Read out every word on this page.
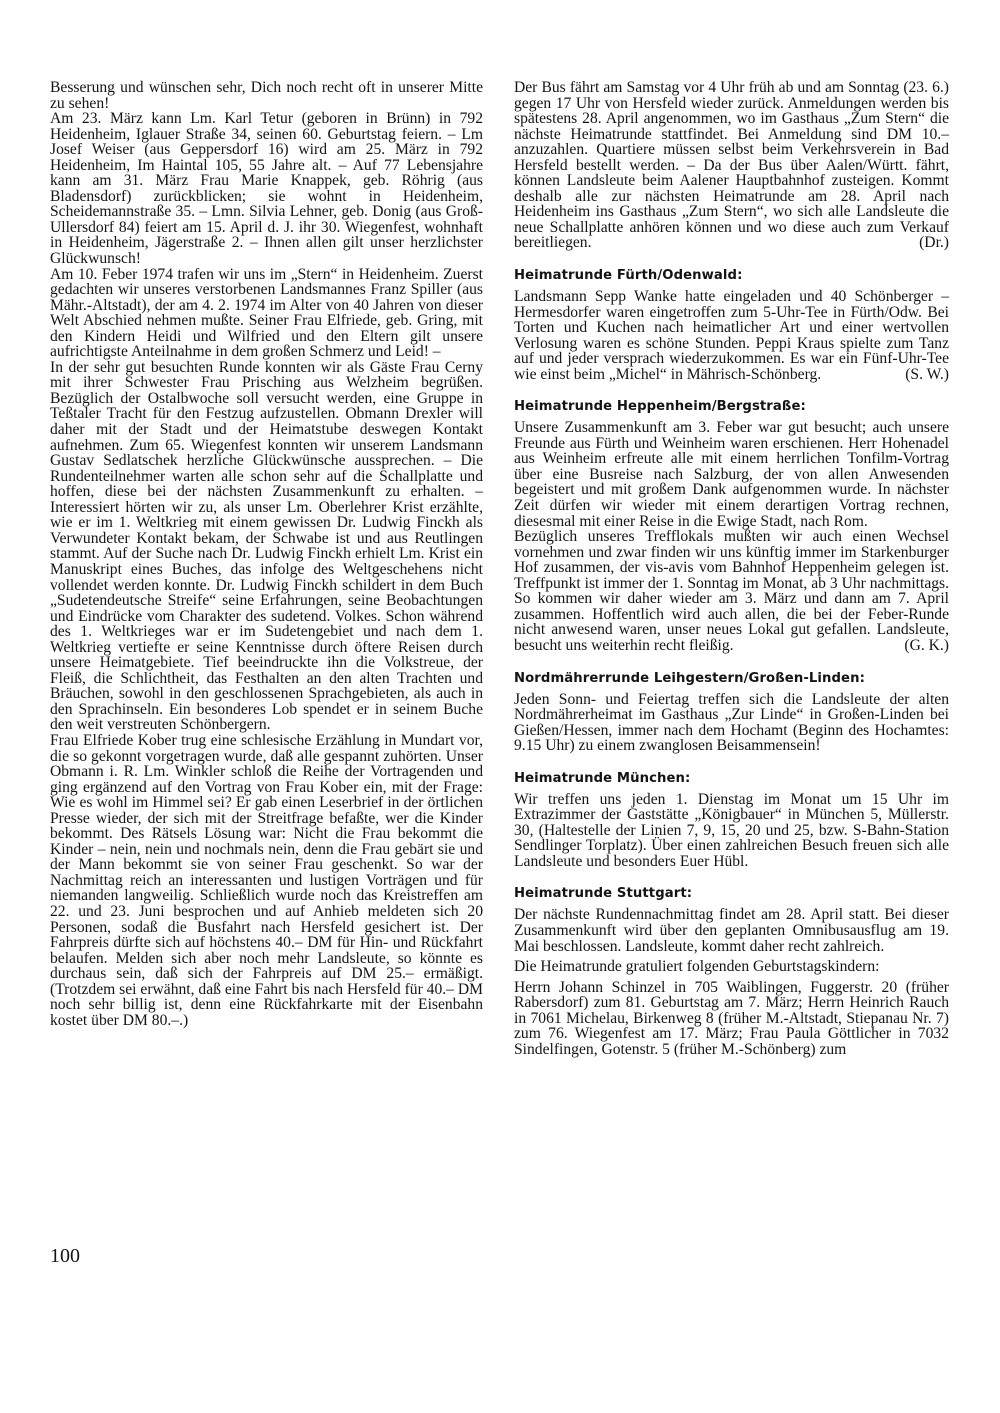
Besserung und wünschen sehr, Dich noch recht oft in unserer Mitte zu sehen!

Am 23. März kann Lm. Karl Tetur (geboren in Brünn) in 792 Heidenheim, Iglauer Straße 34, seinen 60. Geburtstag feiern. – Lm Josef Weiser (aus Geppersdorf 16) wird am 25. März in 792 Heidenheim, Im Haintal 105, 55 Jahre alt. – Auf 77 Lebensjahre kann am 31. März Frau Marie Knappek, geb. Röhrig (aus Bladensdorf) zurückblicken; sie wohnt in Heidenheim, Scheidemannstraße 35. – Lmn. Silvia Lehner, geb. Donig (aus Groß-Ullersdorf 84) feiert am 15. April d. J. ihr 30. Wiegenfest, wohnhaft in Heidenheim, Jägerstraße 2. – Ihnen allen gilt unser herzlichster Glückwunsch!

Am 10. Feber 1974 trafen wir uns im „Stern“ in Heidenheim. Zuerst gedachten wir unseres verstorbenen Landsmannes Franz Spiller (aus Mähr.-Altstadt), der am 4. 2. 1974 im Alter von 40 Jahren von dieser Welt Abschied nehmen mußte. Seiner Frau Elfriede, geb. Gring, mit den Kindern Heidi und Wilfried und den Eltern gilt unsere aufrichtigste Anteilnahme in dem großen Schmerz und Leid! –

In der sehr gut besuchten Runde konnten wir als Gäste Frau Cerny mit ihrer Schwester Frau Prisching aus Welzheim begrüßen. Bezüglich der Ostalbwoche soll versucht werden, eine Gruppe in Teßtaler Tracht für den Festzug aufzustellen. Obmann Drexler will daher mit der Stadt und der Heimatstube deswegen Kontakt aufnehmen. Zum 65. Wiegenfest konnten wir unserem Landsmann Gustav Sedlatschek herzliche Glückwünsche aussprechen. – Die Rundenteilnehmer warten alle schon sehr auf die Schallplatte und hoffen, diese bei der nächsten Zusammenkunft zu erhalten. – Interessiert hörten wir zu, als unser Lm. Oberlehrer Krist erzählte, wie er im 1. Weltkrieg mit einem gewissen Dr. Ludwig Finckh als Verwundeter Kontakt bekam, der Schwabe ist und aus Reutlingen stammt. Auf der Suche nach Dr. Ludwig Finckh erhielt Lm. Krist ein Manuskript eines Buches, das infolge des Weltgeschehens nicht vollendet werden konnte. Dr. Ludwig Finckh schildert in dem Buch „Sudetendeutsche Streife“ seine Erfahrungen, seine Beobachtungen und Eindrücke vom Charakter des sudetend. Volkes. Schon während des 1. Weltkrieges war er im Sudetengebiet und nach dem 1. Weltkrieg vertiefte er seine Kenntnisse durch öftere Reisen durch unsere Heimatgebiete. Tief beeindruckte ihn die Volkstreue, der Fleiß, die Schlichtheit, das Festhalten an den alten Trachten und Bräuchen, sowohl in den geschlossenen Sprachgebieten, als auch in den Sprachinseln. Ein besonderes Lob spendet er in seinem Buche den weit verstreuten Schönbergern.

Frau Elfriede Kober trug eine schlesische Erzählung in Mundart vor, die so gekonnt vorgetragen wurde, daß alle gespannt zuhörten. Unser Obmann i. R. Lm. Winkler schloß die Reihe der Vortragenden und ging ergänzend auf den Vortrag von Frau Kober ein, mit der Frage: Wie es wohl im Himmel sei? Er gab einen Leserbrief in der örtlichen Presse wieder, der sich mit der Streitfrage befaßte, wer die Kinder bekommt. Des Rätsels Lösung war: Nicht die Frau bekommt die Kinder – nein, nein und nochmals nein, denn die Frau gebärt sie und der Mann bekommt sie von seiner Frau geschenkt. So war der Nachmittag reich an interessanten und lustigen Vorträgen und für niemanden langweilig. Schließlich wurde noch das Kreistreffen am 22. und 23. Juni besprochen und auf Anhieb meldeten sich 20 Personen, sodaß die Busfahrt nach Hersfeld gesichert ist. Der Fahrpreis dürfte sich auf höchstens 40.– DM für Hin- und Rückfahrt belaufen. Melden sich aber noch mehr Landsleute, so könnte es durchaus sein, daß sich der Fahrpreis auf DM 25.– ermäßigt. (Trotzdem sei erwähnt, daß eine Fahrt bis nach Hersfeld für 40.– DM noch sehr billig ist, denn eine Rückfahrkarte mit der Eisenbahn kostet über DM 80.–.)

Der Bus fährt am Samstag vor 4 Uhr früh ab und am Sonntag (23. 6.) gegen 17 Uhr von Hersfeld wieder zurück. Anmeldungen werden bis spätestens 28. April angenommen, wo im Gasthaus „Zum Stern“ die nächste Heimatrunde stattfindet. Bei Anmeldung sind DM 10.– anzuzahlen. Quartiere müssen selbst beim Verkehrsverein in Bad Hersfeld bestellt werden. – Da der Bus über Aalen/Württ. fährt, können Landsleute beim Aalener Hauptbahnhof zusteigen. Kommt deshalb alle zur nächsten Heimatrunde am 28. April nach Heidenheim ins Gasthaus „Zum Stern“, wo sich alle Landsleute die neue Schallplatte anhören können und wo diese auch zum Verkauf bereitliegen.	(Dr.)

Heimatrunde Fürth/Odenwald:

Landsmann Sepp Wanke hatte eingeladen und 40 Schönberger – Hermesdorfer waren eingetroffen zum 5-Uhr-Tee in Fürth/Odw. Bei Torten und Kuchen nach heimatlicher Art und einer wertvollen Verlosung waren es schöne Stunden. Peppi Kraus spielte zum Tanz auf und jeder versprach wiederzukommen. Es war ein Fünf-Uhr-Tee wie einst beim „Michel“ in Mährisch-Schönberg.	(S. W.)

Heimatrunde Heppenheim/Bergstraße:

Unsere Zusammenkunft am 3. Feber war gut besucht; auch unsere Freunde aus Fürth und Weinheim waren erschienen. Herr Hohenadel aus Weinheim erfreute alle mit einem herrlichen Tonfilm-Vortrag über eine Busreise nach Salzburg, der von allen Anwesenden begeistert und mit großem Dank aufgenommen wurde. In nächster Zeit dürfen wir wieder mit einem derartigen Vortrag rechnen, diesesmal mit einer Reise in die Ewige Stadt, nach Rom.

Bezüglich unseres Trefflokals mußten wir auch einen Wechsel vornehmen und zwar finden wir uns künftig immer im Starkenburger Hof zusammen, der vis-avis vom Bahnhof Heppenheim gelegen ist. Treffpunkt ist immer der 1. Sonntag im Monat, ab 3 Uhr nachmittags. So kommen wir daher wieder am 3. März und dann am 7. April zusammen. Hoffentlich wird auch allen, die bei der Feber-Runde nicht anwesend waren, unser neues Lokal gut gefallen. Landsleute, besucht uns weiterhin recht fleißig.	(G. K.)

Nordmährerrunde Leihgestern/Großen-Linden:

Jeden Sonn- und Feiertag treffen sich die Landsleute der alten Nordmährerheimat im Gasthaus „Zur Linde“ in Großen-Linden bei Gießen/Hessen, immer nach dem Hochamt (Beginn des Hochamtes: 9.15 Uhr) zu einem zwanglosen Beisammensein!

Heimatrunde München:

Wir treffen uns jeden 1. Dienstag im Monat um 15 Uhr im Extrazimmer der Gaststätte „Königbauer“ in München 5, Müllerstr. 30, (Haltestelle der Linien 7, 9, 15, 20 und 25, bzw. S-Bahn-Station Sendlinger Torplatz). Über einen zahlreichen Besuch freuen sich alle Landsleute und besonders Euer Hübl.

Heimatrunde Stuttgart:

Der nächste Rundennachmittag findet am 28. April statt. Bei dieser Zusammenkunft wird über den geplanten Omnibusausflug am 19. Mai beschlossen. Landsleute, kommt daher recht zahlreich.

Die Heimatrunde gratuliert folgenden Geburtstagskindern:

Herrn Johann Schinzel in 705 Waiblingen, Fuggerstr. 20 (früher Rabersdorf) zum 81. Geburtstag am 7. März; Herrn Heinrich Rauch in 7061 Michelau, Birkenweg 8 (früher M.-Altstadt, Stiepanau Nr. 7) zum 76. Wiegenfest am 17. März; Frau Paula Göttlicher in 7032 Sindelfingen, Gotenstr. 5 (früher M.-Schönberg) zum

100
